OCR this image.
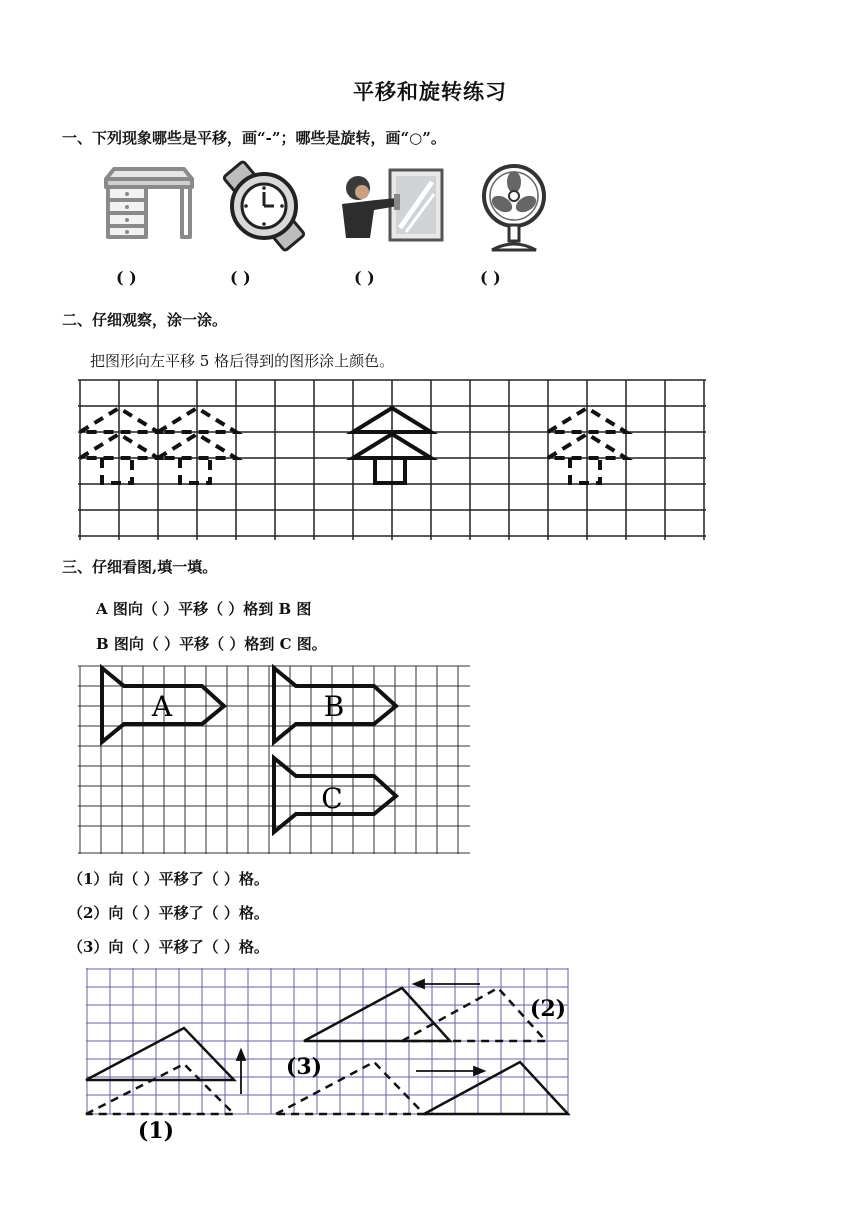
平移和旋转练习
一、下列现象哪些是平移，画“-”；哪些是旋转，画“○”。
( )	( )	( )	( )
二、仔细观察，涂一涂。
把图形向左平移 5 格后得到的图形涂上颜色。
三、仔细看图,填一填。
A 图向（ ）平移（ ）格到 B 图
B 图向（ ）平移（ ）格到 C 图。
A	B
C
（1）向（ ）平移了（ ）格。
（2）向（ ）平移了（ ）格。
（3）向（ ）平移了（ ）格。
(1)
(2)
(3)
